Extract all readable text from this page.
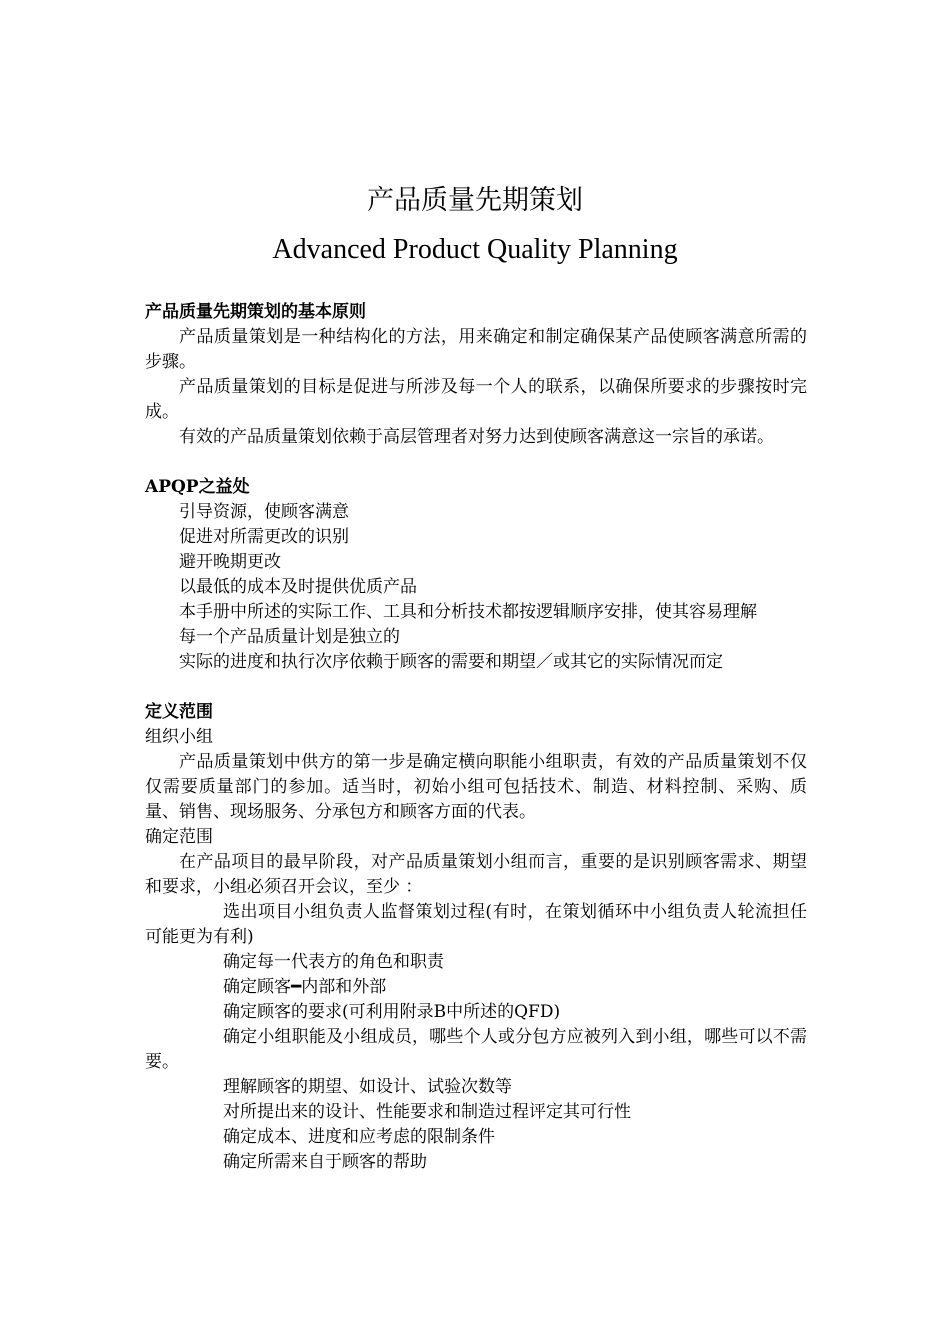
产品质量先期策划
Advanced Product Quality Planning

产品质量先期策划的基本原则

产品质量策划是一种结构化的方法，用来确定和制定确保某产品使顾客满意所需的步骤。

产品质量策划的目标是促进与所涉及每一个人的联系，以确保所要求的步骤按时完成。

有效的产品质量策划依赖于高层管理者对努力达到使顾客满意这一宗旨的承诺。

APQP之益处

引导资源，使顾客满意

促进对所需更改的识别

避开晚期更改

以最低的成本及时提供优质产品

本手册中所述的实际工作、工具和分析技术都按逻辑顺序安排，使其容易理解

每一个产品质量计划是独立的

实际的进度和执行次序依赖于顾客的需要和期望／或其它的实际情况而定

定义范围

组织小组

产品质量策划中供方的第一步是确定横向职能小组职责，有效的产品质量策划不仅仅需要质量部门的参加。适当时，初始小组可包括技术、制造、材料控制、采购、质量、销售、现场服务、分承包方和顾客方面的代表。

确定范围

在产品项目的最早阶段，对产品质量策划小组而言，重要的是识别顾客需求、期望和要求，小组必须召开会议，至少 ：

选出项目小组负责人监督策划过程(有时，在策划循环中小组负责人轮流担任可能更为有利)

确定每一代表方的角色和职责

确定顾客━内部和外部

确定顾客的要求(可利用附录B中所述的QFD)

确定小组职能及小组成员，哪些个人或分包方应被列入到小组，哪些可以不需要。

理解顾客的期望、如设计、试验次数等

对所提出来的设计、性能要求和制造过程评定其可行性

确定成本、进度和应考虑的限制条件

确定所需来自于顾客的帮助
